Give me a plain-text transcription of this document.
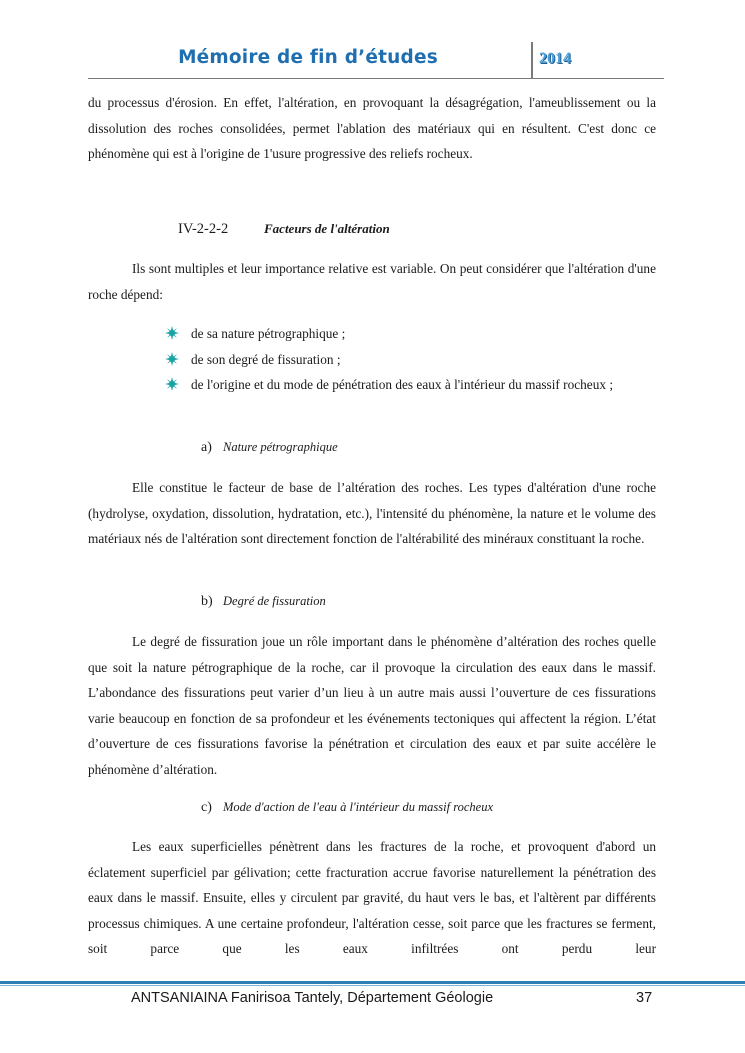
Mémoire de fin d’études	2014

du processus d'érosion. En effet, l'altération, en provoquant la désagrégation, l'ameublissement ou la dissolution des roches consolidées, permet l'ablation des matériaux qui en résultent. C'est donc ce phénomène qui est à l'origine de 1'usure progressive des reliefs rocheux.

IV-2-2-2	Facteurs de l'altération

Ils sont multiples et leur importance relative est variable. On peut considérer que l'altération d'une roche dépend:

de sa nature pétrographique ;
de son degré de fissuration ;
de l'origine et du mode de pénétration des eaux à l'intérieur du massif rocheux ;
a) Nature pétrographique

Elle constitue le facteur de base de l’altération des roches. Les types d'altération d'une roche (hydrolyse, oxydation, dissolution, hydratation, etc.), l'intensité du phénomène, la nature et le volume des matériaux nés de l'altération sont directement fonction de l'altérabilité des minéraux constituant la roche.

b) Degré de fissuration

Le degré de fissuration joue un rôle important dans le phénomène d’altération des roches quelle que soit la nature pétrographique de la roche, car il provoque la circulation des eaux dans le massif. L’abondance des fissurations peut varier d’un lieu à un autre mais aussi l’ouverture de ces fissurations varie beaucoup en fonction de sa profondeur et les événements tectoniques qui affectent la région. L’état d’ouverture de ces fissurations favorise la pénétration et circulation des eaux et par suite accélère le phénomène d’altération.

c) Mode d'action de l'eau à l'intérieur du massif rocheux

Les eaux superficielles pénètrent dans les fractures de la roche, et provoquent d'abord un éclatement superficiel par gélivation; cette fracturation accrue favorise naturellement la pénétration des eaux dans le massif. Ensuite, elles y circulent par gravité, du haut vers le bas, et l'altèrent par différents processus chimiques. A une certaine profondeur, l'altération cesse, soit parce que les fractures se ferment, soit parce que les eaux infiltrées ont perdu leur

ANTSANIAINA Fanirisoa Tantely, Département Géologie	37
